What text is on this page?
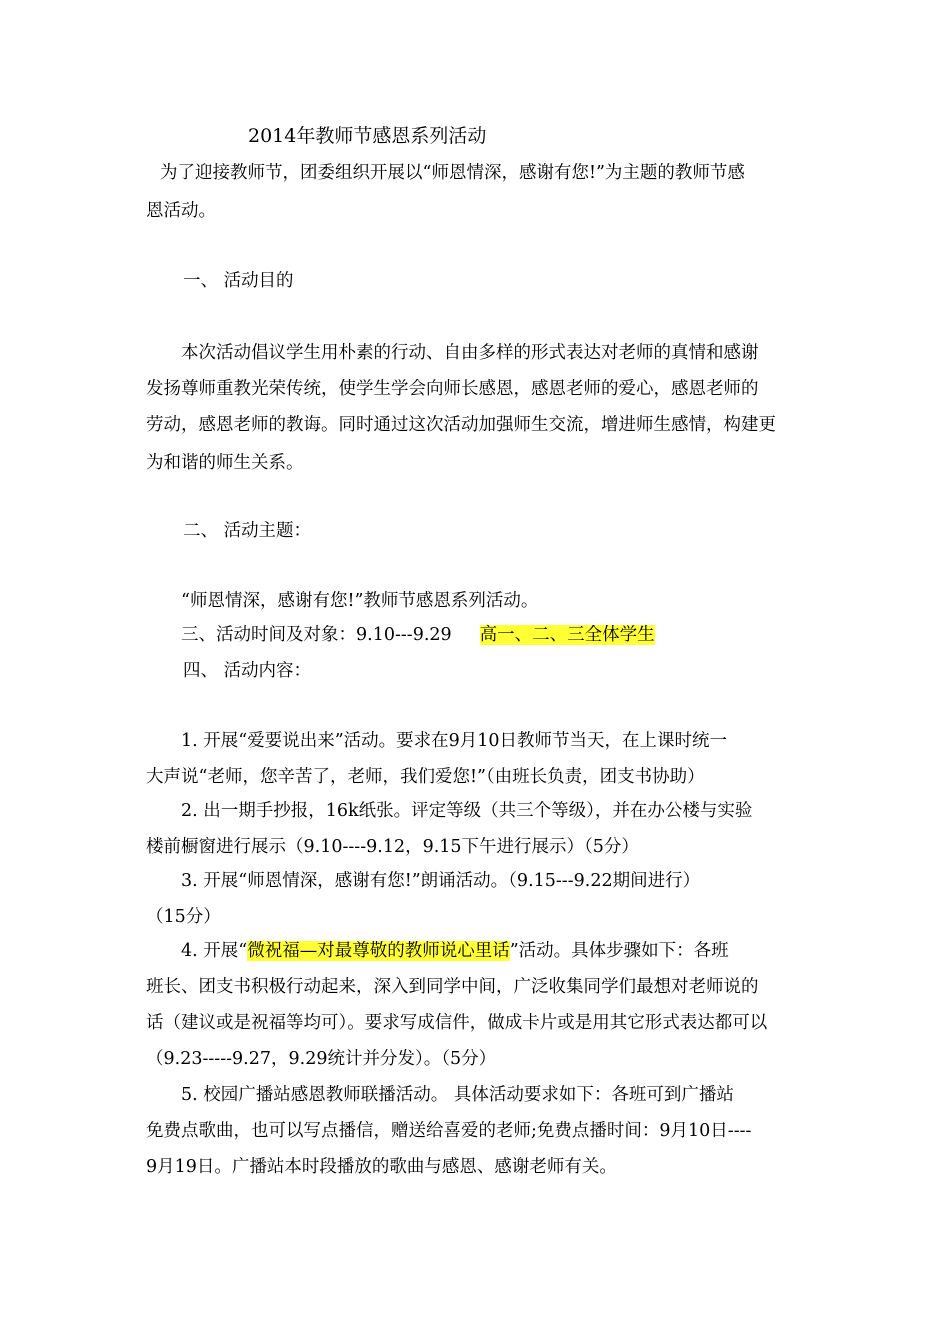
2014年教师节感恩系列活动
为了迎接教师节，团委组织开展以“师恩情深，感谢有您!”为主题的教师节感
恩活动。
一、 活动目的
本次活动倡议学生用朴素的行动、自由多样的形式表达对老师的真情和感谢
发扬尊师重教光荣传统，使学生学会向师长感恩，感恩老师的爱心，感恩老师的
劳动，感恩老师的教诲。同时通过这次活动加强师生交流，增进师生感情，构建更
为和谐的师生关系。
二、 活动主题：
“师恩情深，感谢有您!”教师节感恩系列活动。
三、活动时间及对象：9.10---9.29 高一、二、三全体学生
四、 活动内容：
1. 开展“爱要说出来”活动。要求在9月10日教师节当天，在上课时统一
大声说“老师，您辛苦了，老师，我们爱您!”（由班长负责，团支书协助）
2. 出一期手抄报，16k纸张。评定等级（共三个等级），并在办公楼与实验
楼前橱窗进行展示（9.10----9.12，9.15下午进行展示）（5分）
3. 开展“师恩情深，感谢有您!”朗诵活动。（9.15---9.22期间进行）
（15分）
4. 开展“微祝福—对最尊敬的教师说心里话”活动。具体步骤如下：各班
班长、团支书积极行动起来，深入到同学中间，广泛收集同学们最想对老师说的
话（建议或是祝福等均可）。要求写成信件，做成卡片或是用其它形式表达都可以
（9.23-----9.27，9.29统计并分发）。（5分）
5. 校园广播站感恩教师联播活动。 具体活动要求如下：各班可到广播站
免费点歌曲，也可以写点播信，赠送给喜爱的老师;免费点播时间：9月10日----
9月19日。广播站本时段播放的歌曲与感恩、感谢老师有关。
